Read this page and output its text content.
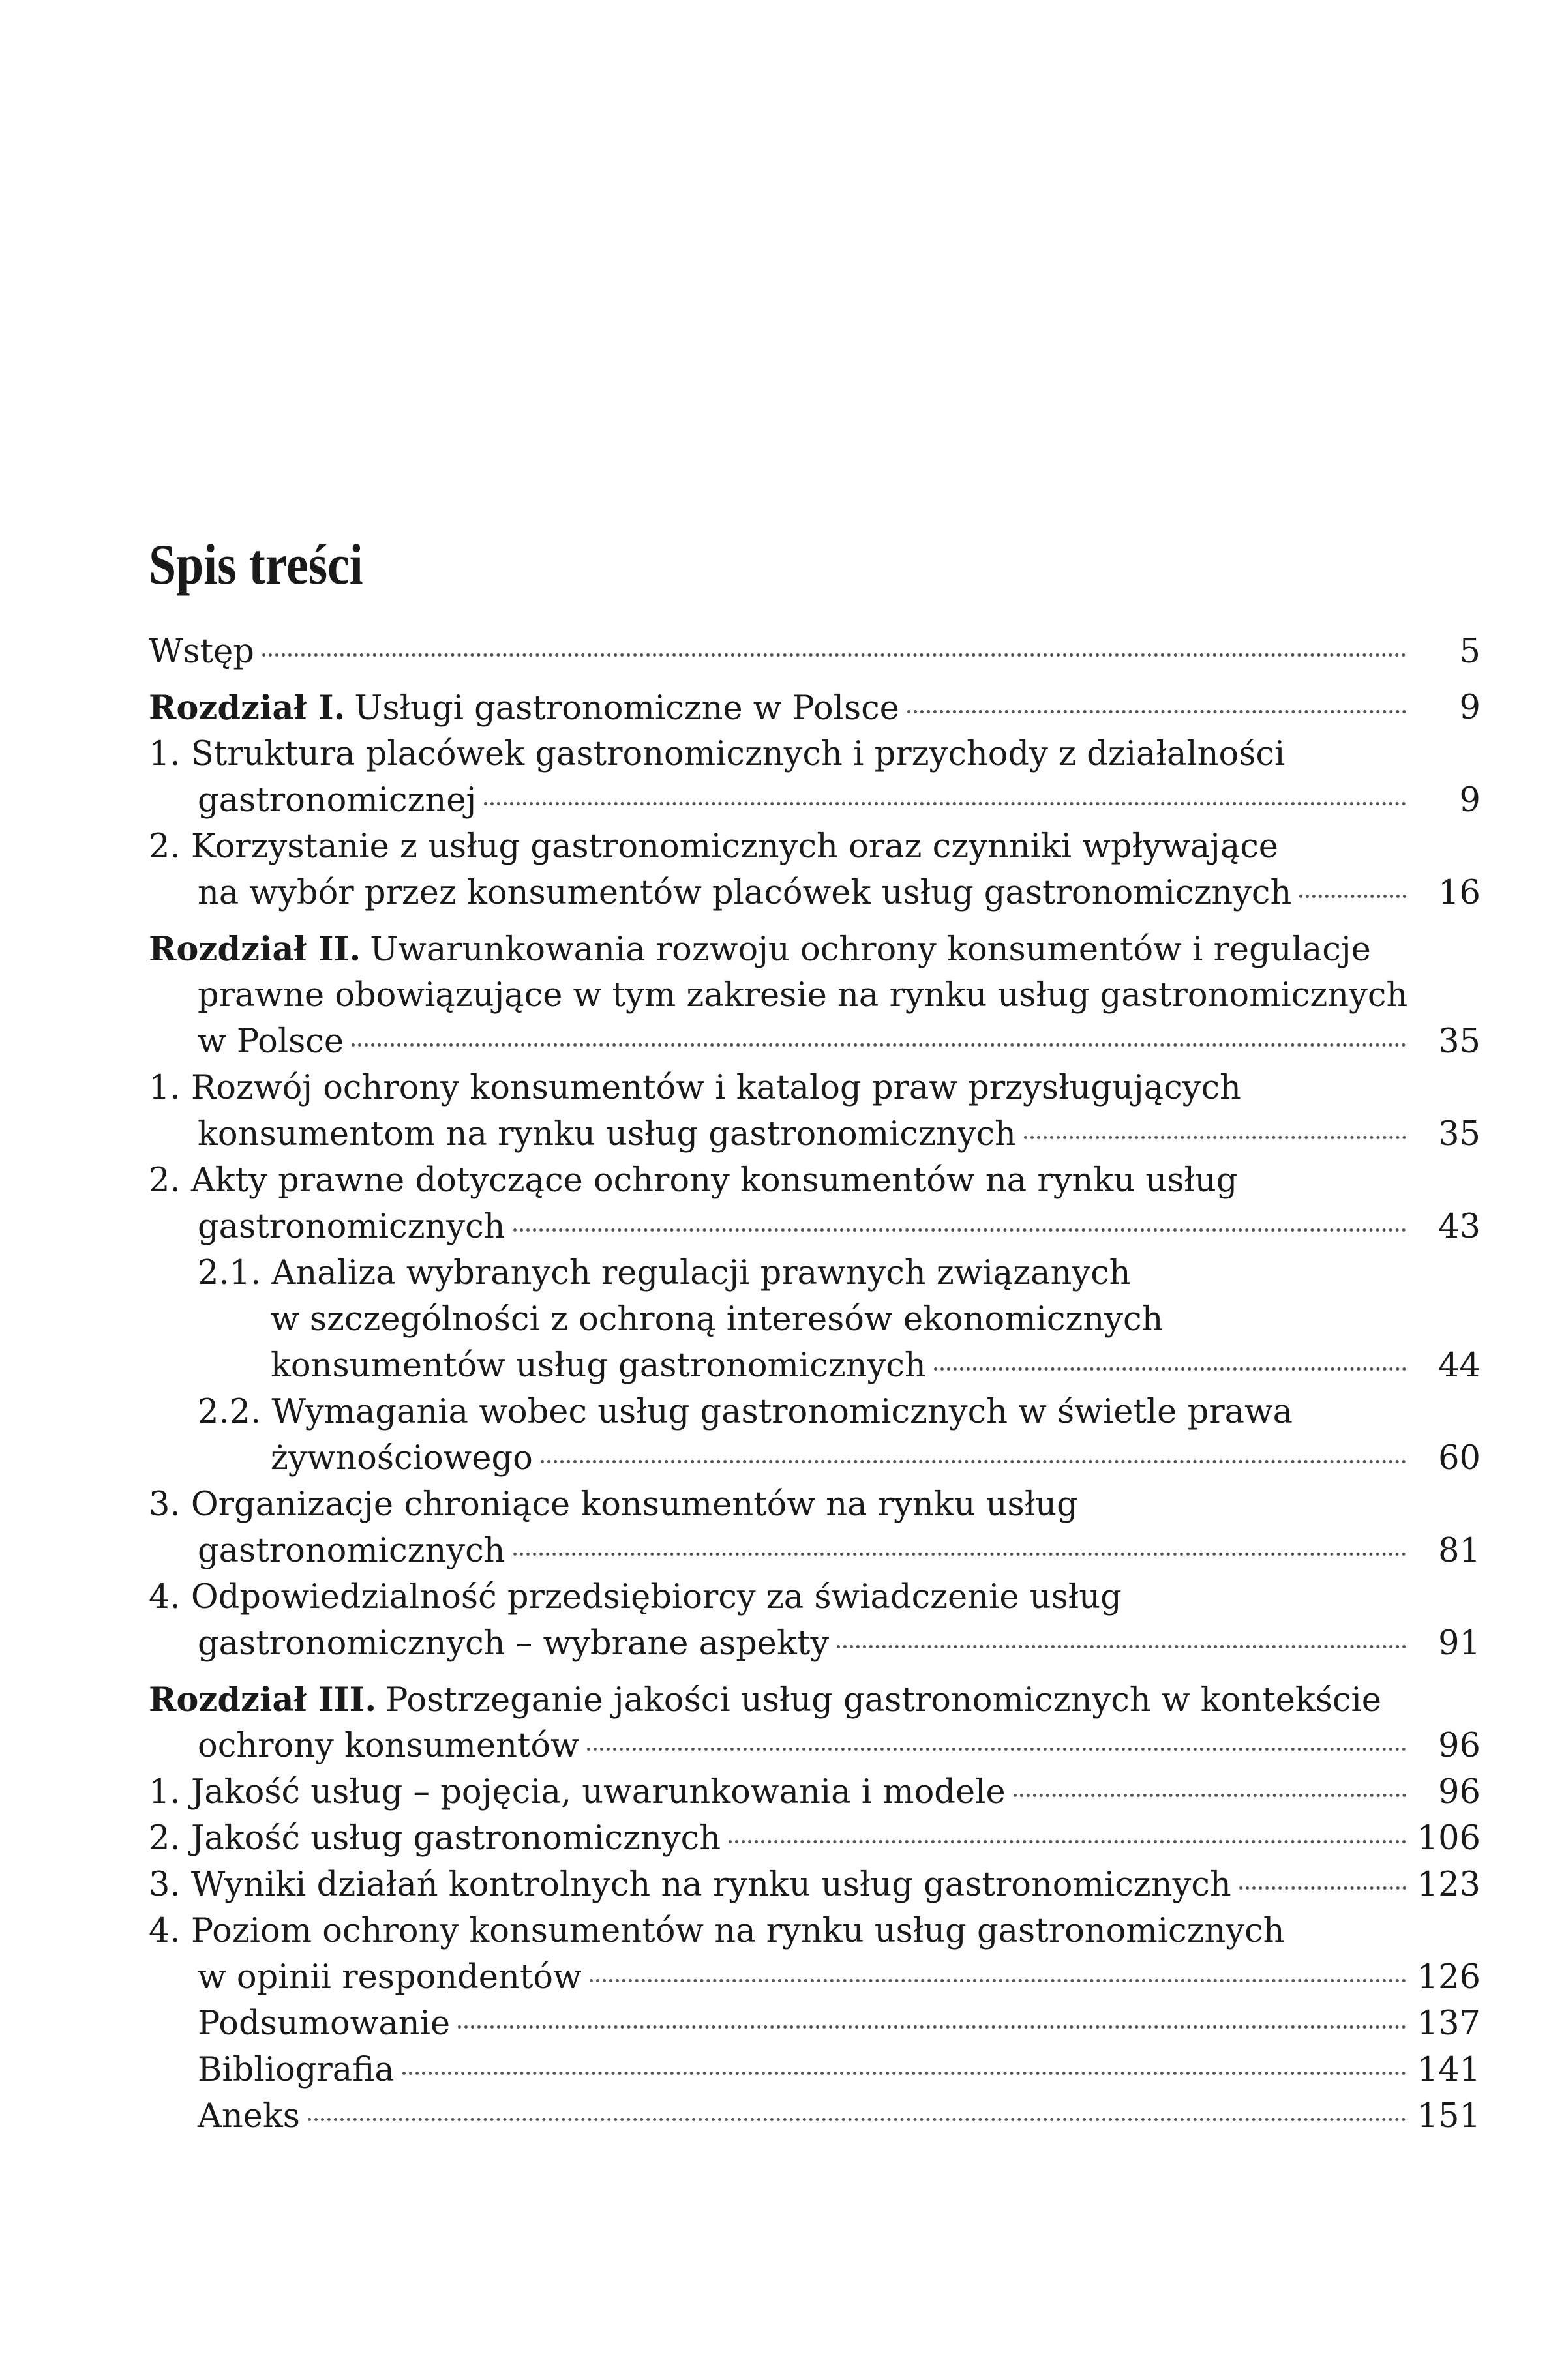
Spis treści
Wstęp	5
Rozdział I. Usługi gastronomiczne w Polsce	9
1. Struktura placówek gastronomicznych i przychody z działalności
gastronomicznej	9
2. Korzystanie z usług gastronomicznych oraz czynniki wpływające
na wybór przez konsumentów placówek usług gastronomicznych	16
Rozdział II. Uwarunkowania rozwoju ochrony konsumentów i regulacje
prawne obowiązujące w tym zakresie na rynku usług gastronomicznych
w Polsce	35
1. Rozwój ochrony konsumentów i katalog praw przysługujących
konsumentom na rynku usług gastronomicznych	35
2. Akty prawne dotyczące ochrony konsumentów na rynku usług
gastronomicznych	43
2.1. Analiza wybranych regulacji prawnych związanych
w szczególności z ochroną interesów ekonomicznych
konsumentów usług gastronomicznych	44
2.2. Wymagania wobec usług gastronomicznych w świetle prawa
żywnościowego	60
3. Organizacje chroniące konsumentów na rynku usług
gastronomicznych	81
4. Odpowiedzialność przedsiębiorcy za świadczenie usług
gastronomicznych – wybrane aspekty	91
Rozdział III. Postrzeganie jakości usług gastronomicznych w kontekście
ochrony konsumentów	96
1. Jakość usług – pojęcia, uwarunkowania i modele	96
2. Jakość usług gastronomicznych	106
3. Wyniki działań kontrolnych na rynku usług gastronomicznych	123
4. Poziom ochrony konsumentów na rynku usług gastronomicznych
w opinii respondentów	126
Podsumowanie	137
Bibliografia	141
Aneks	151
